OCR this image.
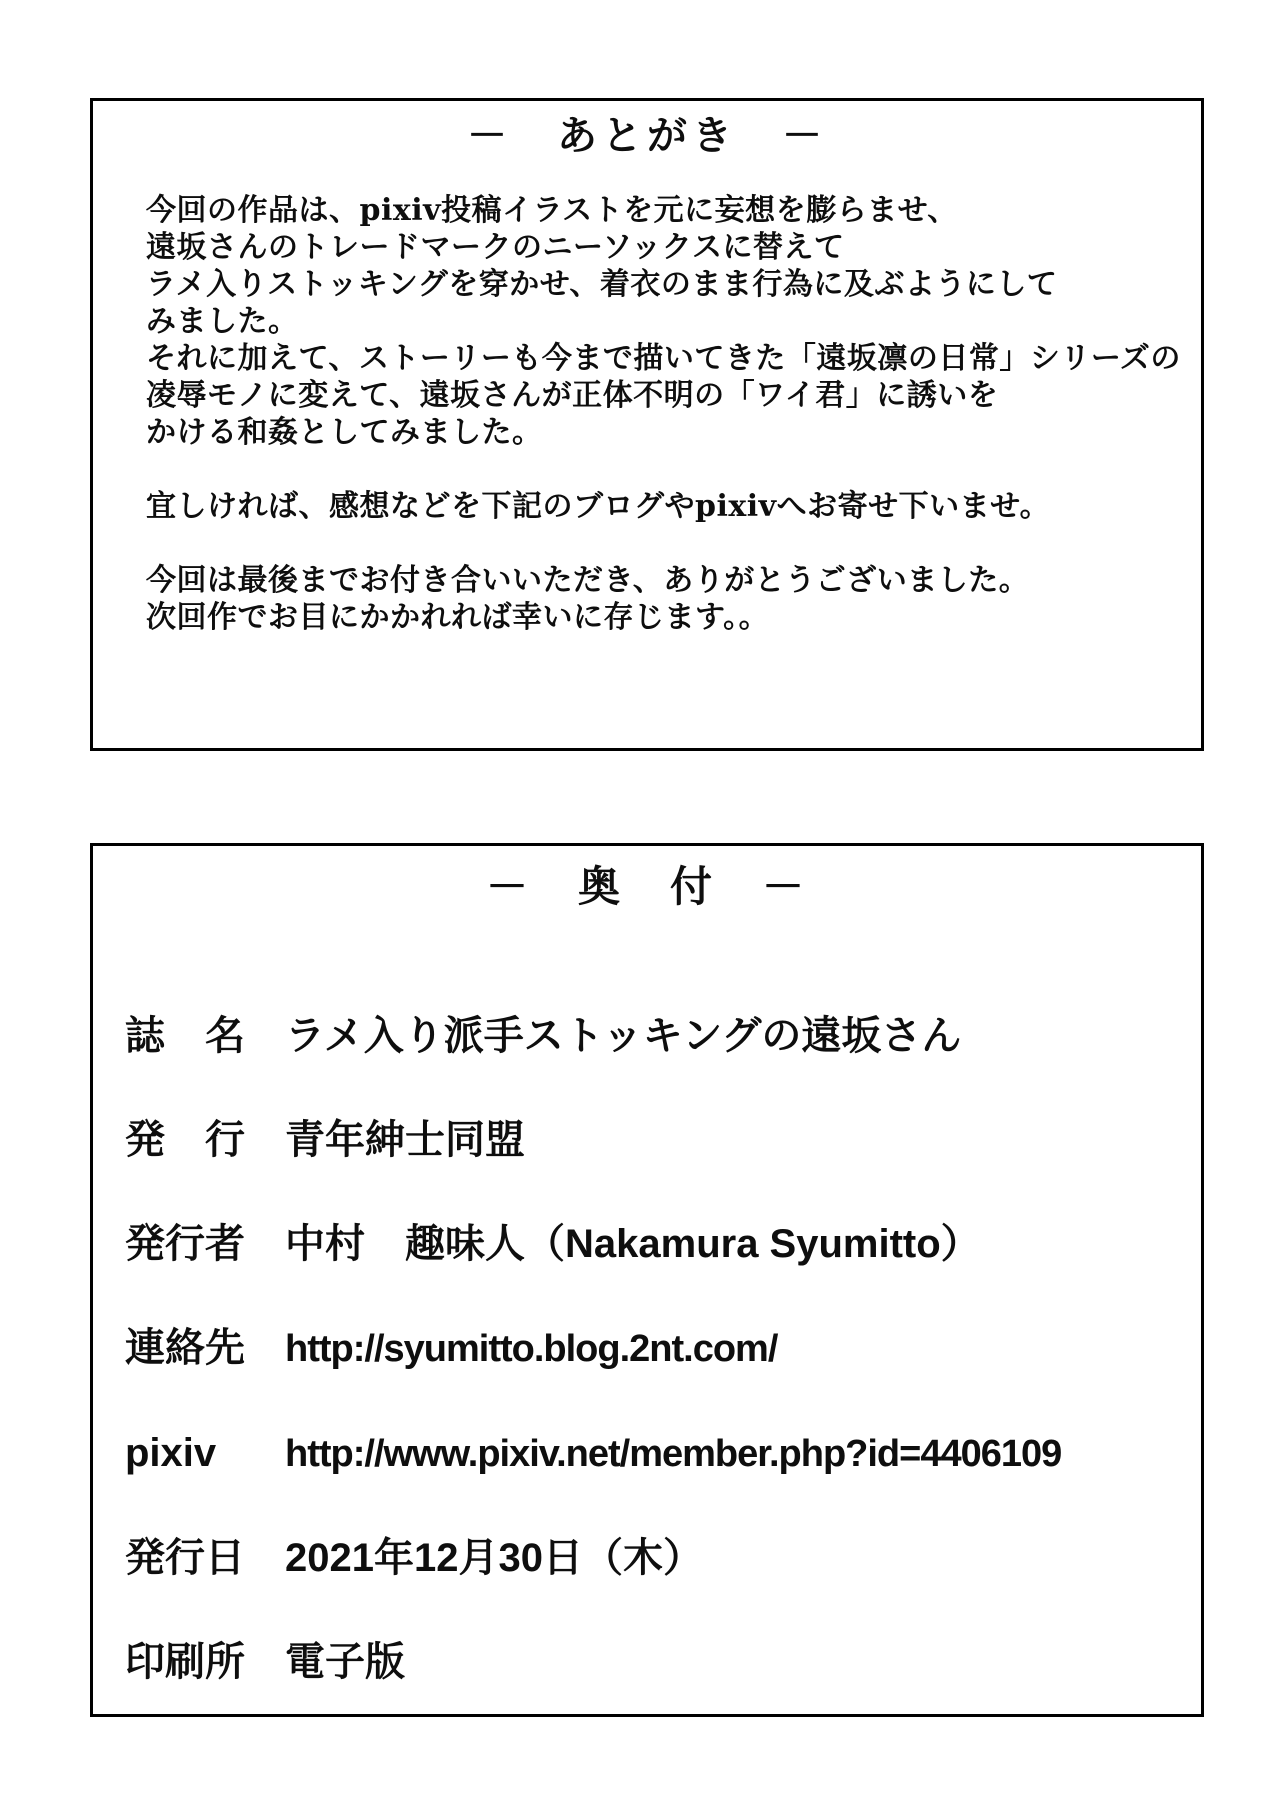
－　あとがき　－
今回の作品は、pixiv投稿イラストを元に妄想を膨らませ、
遠坂さんのトレードマークのニーソックスに替えて
ラメ入りストッキングを穿かせ、着衣のまま行為に及ぶようにして
みました。
それに加えて、ストーリーも今まで描いてきた「遠坂凛の日常」シリーズの
凌辱モノに変えて、遠坂さんが正体不明の「ワイ君」に誘いを
かける和姦としてみました。
宜しければ、感想などを下記のブログやpixivへお寄せ下いませ。
今回は最後までお付き合いいただき、ありがとうございました。
次回作でお目にかかれれば幸いに存じます。。
－　奥　付　－
誌　名	ラメ入り派手ストッキングの遠坂さん
発　行	青年紳士同盟
発行者	中村　趣味人（Nakamura Syumitto）
連絡先	http://syumitto.blog.2nt.com/
pixiv	http://www.pixiv.net/member.php?id=4406109
発行日	2021年12月30日（木）
印刷所	電子版
